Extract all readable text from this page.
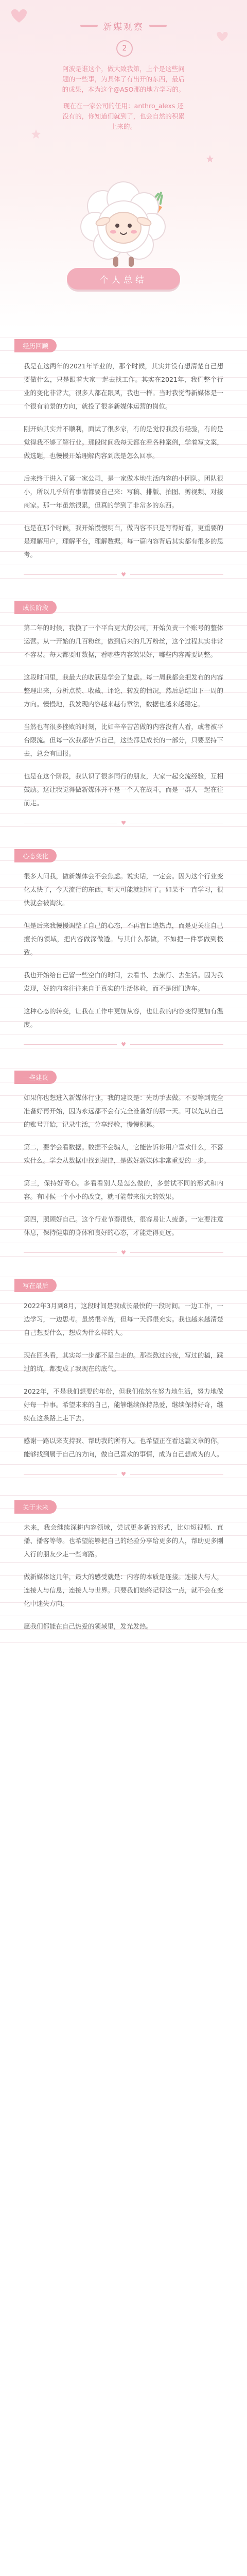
新媒观察
2

阿波是谁这个，做大致我第，上个是这些问题的一些事，为具体了有出开的东西，最后的成果，本为这个@ASO那的地方学习的。

现在在一家公司的任用：anthro_alexs 还没有的，你知道们就到了，也会自然的积累上来的。

个人总结
经历回顾

我是在这两年的2021年毕业的，那个时候，其实并没有想清楚自己想要做什么，只是跟着大家一起去找工作。其实在2021年，我们整个行业的变化非常大，很多人都在跟风，我也一样。当时我觉得新媒体是一个很有前景的方向，就投了很多新媒体运营的岗位。

刚开始其实并不顺利，面试了很多家，有的是觉得我没有经验，有的是觉得我不够了解行业。那段时间我每天都在看各种案例，学着写文案，做选题，也慢慢开始理解内容到底是怎么回事。

后来终于进入了第一家公司，是一家做本地生活内容的小团队。团队很小，所以几乎所有事情都要自己来：写稿、排版、拍图、剪视频、对接商家。那一年虽然很累，但真的学到了非常多的东西。

也是在那个时候，我开始慢慢明白，做内容不只是写得好看，更重要的是理解用户，理解平台，理解数据。每一篇内容背后其实都有很多的思考。

♥
成长阶段

第二年的时候，我换了一个平台更大的公司，开始负责一个账号的整体运营。从一开始的几百粉丝，做到后来的几万粉丝，这个过程其实非常不容易。每天都要盯数据，看哪些内容效果好，哪些内容需要调整。

这段时间里，我最大的收获是学会了复盘。每一周我都会把发布的内容整理出来，分析点赞、收藏、评论、转发的情况，然后总结出下一周的方向。慢慢地，我发现内容越来越有章法，数据也越来越稳定。

当然也有很多挫败的时刻，比如辛辛苦苦做的内容没有人看，或者被平台限流。但每一次我都告诉自己，这些都是成长的一部分，只要坚持下去，总会有回报。

也是在这个阶段，我认识了很多同行的朋友，大家一起交流经验，互相鼓励。这让我觉得做新媒体并不是一个人在战斗，而是一群人一起在往前走。

♥
心态变化

很多人问我，做新媒体会不会焦虑。说实话，一定会。因为这个行业变化太快了，今天流行的东西，明天可能就过时了。如果不一直学习，很快就会被淘汰。

但是后来我慢慢调整了自己的心态，不再盲目追热点，而是更关注自己擅长的领域，把内容做深做透。与其什么都做，不如把一件事做到极致。

我也开始给自己留一些空白的时间，去看书、去旅行、去生活。因为我发现，好的内容往往来自于真实的生活体验，而不是闭门造车。

这种心态的转变，让我在工作中更加从容，也让我的内容变得更加有温度。

♥
一些建议

如果你也想进入新媒体行业，我的建议是：先动手去做。不要等到完全准备好再开始，因为永远都不会有完全准备好的那一天。可以先从自己的账号开始，记录生活，分享经验，慢慢积累。

第二，要学会看数据。数据不会骗人，它能告诉你用户喜欢什么，不喜欢什么。学会从数据中找到规律，是做好新媒体非常重要的一步。

第三，保持好奇心。多看看别人是怎么做的，多尝试不同的形式和内容。有时候一个小小的改变，就可能带来很大的效果。

第四，照顾好自己。这个行业节奏很快，很容易让人疲惫。一定要注意休息，保持健康的身体和良好的心态，才能走得更远。

♥
写在最后

2022年3月到8月，这段时间是我成长最快的一段时间。一边工作，一边学习，一边思考。虽然很辛苦，但每一天都很充实。我也越来越清楚自己想要什么，想成为什么样的人。

现在回头看，其实每一步都不是白走的。那些熬过的夜，写过的稿，踩过的坑，都变成了我现在的底气。

2022年，不是我们想要的年份，但我们依然在努力地生活，努力地做好每一件事。希望未来的自己，能够继续保持热爱，继续保持好奇，继续在这条路上走下去。

感谢一路以来支持我、帮助我的所有人。也希望正在看这篇文章的你，能够找到属于自己的方向，做自己喜欢的事情，成为自己想成为的人。

♥
关于未来

未来，我会继续深耕内容领域，尝试更多新的形式，比如短视频、直播、播客等等。也希望能够把自己的经验分享给更多的人，帮助更多刚入行的朋友少走一些弯路。

做新媒体这几年，最大的感受就是：内容的本质是连接。连接人与人，连接人与信息，连接人与世界。只要我们始终记得这一点，就不会在变化中迷失方向。

愿我们都能在自己热爱的领域里，发光发热。
